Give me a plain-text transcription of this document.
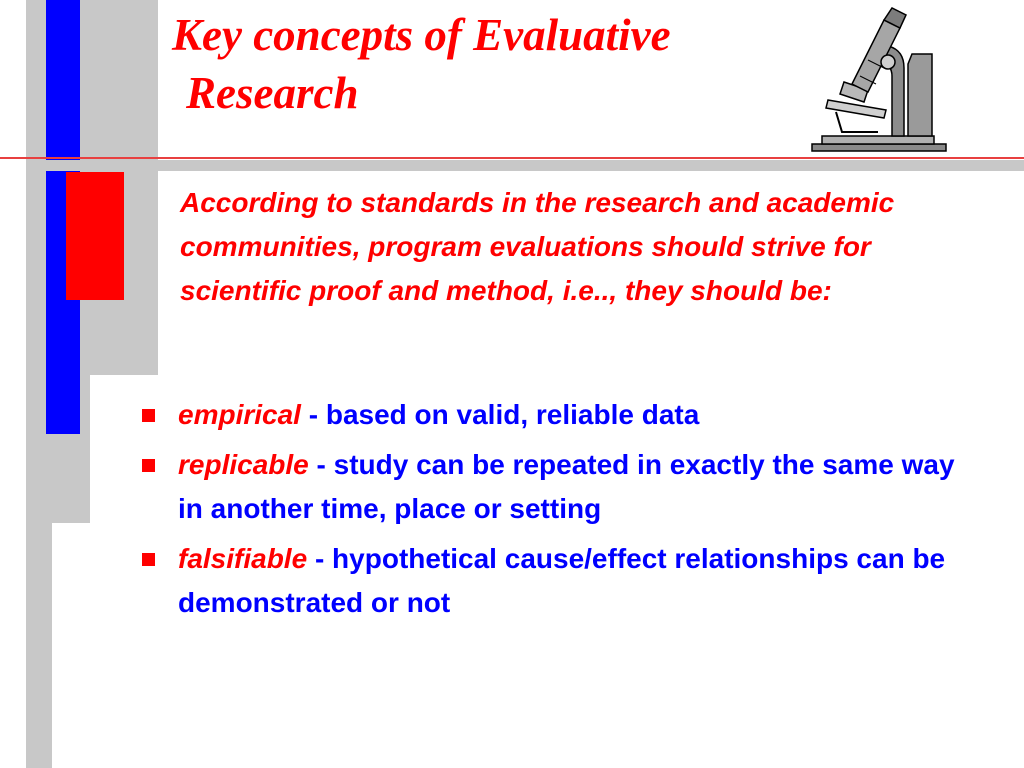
Key concepts of Evaluative
Research

According to standards in the research and academic communities, program evaluations should strive for scientific proof and method, i.e.., they should be:

empirical - based on valid, reliable data
replicable - study can be repeated in exactly the same way in another time, place or setting
falsifiable - hypothetical cause/effect relationships can be demonstrated or not
